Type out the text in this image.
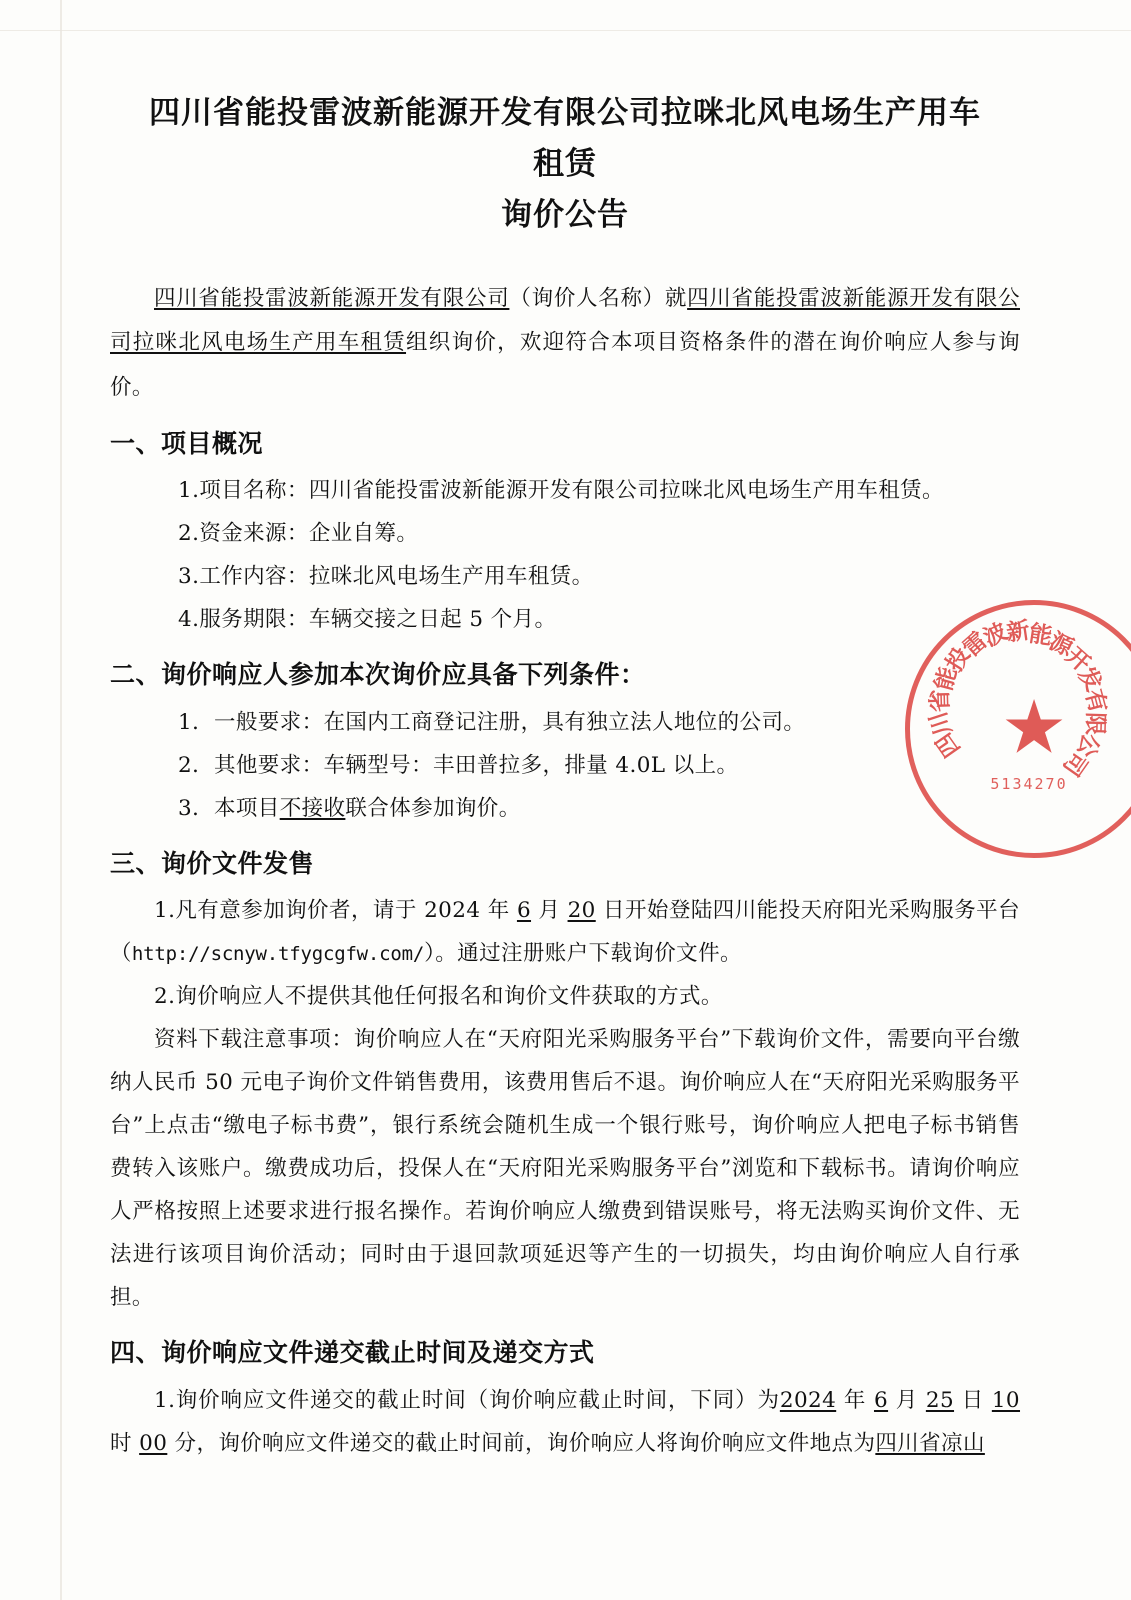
四川省能投雷波新能源开发有限公司拉咪北风电场生产用车租赁
询价公告

四川省能投雷波新能源开发有限公司（询价人名称）就四川省能投雷波新能源开发有限公司拉咪北风电场生产用车租赁组织询价，欢迎符合本项目资格条件的潜在询价响应人参与询价。

一、项目概况

1.项目名称：四川省能投雷波新能源开发有限公司拉咪北风电场生产用车租赁。

2.资金来源：企业自筹。

3.工作内容：拉咪北风电场生产用车租赁。

4.服务期限：车辆交接之日起 5 个月。

二、询价响应人参加本次询价应具备下列条件：

1．一般要求：在国内工商登记注册，具有独立法人地位的公司。

2．其他要求：车辆型号：丰田普拉多，排量 4.0L 以上。

3．本项目不接收联合体参加询价。

三、询价文件发售

1.凡有意参加询价者，请于 2024 年 6 月 20 日开始登陆四川能投天府阳光采购服务平台（http://scnyw.tfygcgfw.com/）。通过注册账户下载询价文件。

2.询价响应人不提供其他任何报名和询价文件获取的方式。

资料下载注意事项：询价响应人在“天府阳光采购服务平台”下载询价文件，需要向平台缴纳人民币 50 元电子询价文件销售费用，该费用售后不退。询价响应人在“天府阳光采购服务平台”上点击“缴电子标书费”，银行系统会随机生成一个银行账号，询价响应人把电子标书销售费转入该账户。缴费成功后，投保人在“天府阳光采购服务平台”浏览和下载标书。请询价响应人严格按照上述要求进行报名操作。若询价响应人缴费到错误账号，将无法购买询价文件、无法进行该项目询价活动；同时由于退回款项延迟等产生的一切损失，均由询价响应人自行承担。

四、询价响应文件递交截止时间及递交方式

1.询价响应文件递交的截止时间（询价响应截止时间，下同）为2024 年 6 月 25 日 10 时 00 分，询价响应文件递交的截止时间前，询价响应人将询价响应文件地点为四川省凉山

四
川
省
能
投
雷
波
新
能
源
开
发
有
限
公
司
★
5134270
